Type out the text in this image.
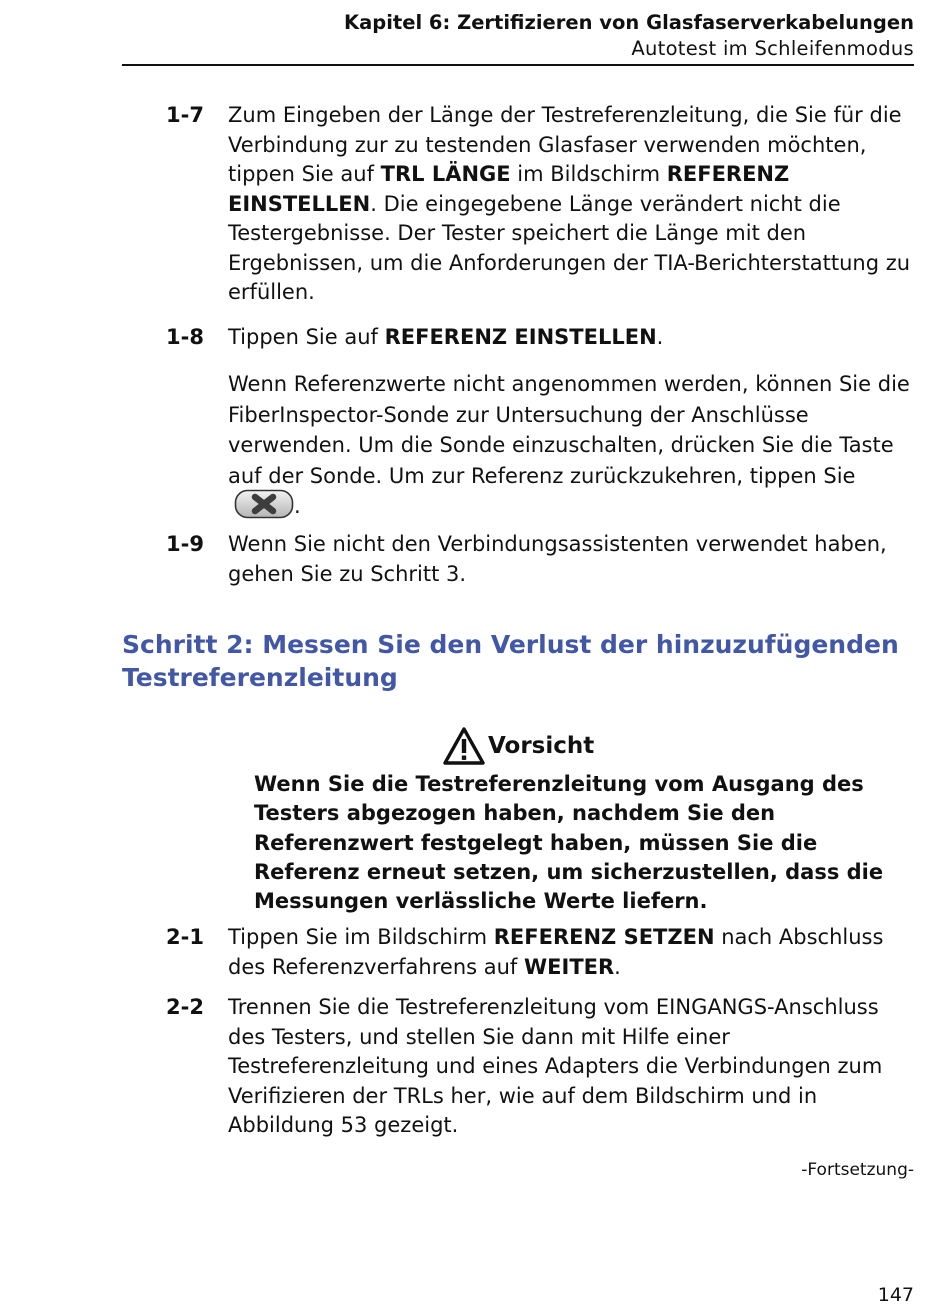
Kapitel 6: Zertifizieren von Glasfaserverkabelungen
Autotest im Schleifenmodus
1-7 Zum Eingeben der Länge der Testreferenzleitung, die Sie für die Verbindung zur zu testenden Glasfaser verwenden möchten, tippen Sie auf TRL LÄNGE im Bildschirm REFERENZ EINSTELLEN. Die eingegebene Länge verändert nicht die Testergebnisse. Der Tester speichert die Länge mit den Ergebnissen, um die Anforderungen der TIA-Berichterstattung zu erfüllen.
1-8 Tippen Sie auf REFERENZ EINSTELLEN.
Wenn Referenzwerte nicht angenommen werden, können Sie die FiberInspector-Sonde zur Untersuchung der Anschlüsse verwenden. Um die Sonde einzuschalten, drücken Sie die Taste auf der Sonde. Um zur Referenz zurückzukehren, tippen Sie.
1-9 Wenn Sie nicht den Verbindungsassistenten verwendet haben, gehen Sie zu Schritt 3.
Schritt 2: Messen Sie den Verlust der hinzuzufügenden Testreferenzleitung
Vorsicht
Wenn Sie die Testreferenzleitung vom Ausgang des Testers abgezogen haben, nachdem Sie den Referenzwert festgelegt haben, müssen Sie die Referenz erneut setzen, um sicherzustellen, dass die Messungen verlässliche Werte liefern.
2-1 Tippen Sie im Bildschirm REFERENZ SETZEN nach Abschluss des Referenzverfahrens auf WEITER.
2-2 Trennen Sie die Testreferenzleitung vom EINGANGS-Anschluss des Testers, und stellen Sie dann mit Hilfe einer Testreferenzleitung und eines Adapters die Verbindungen zum Verifizieren der TRLs her, wie auf dem Bildschirm und in Abbildung 53 gezeigt.
-Fortsetzung-
147
